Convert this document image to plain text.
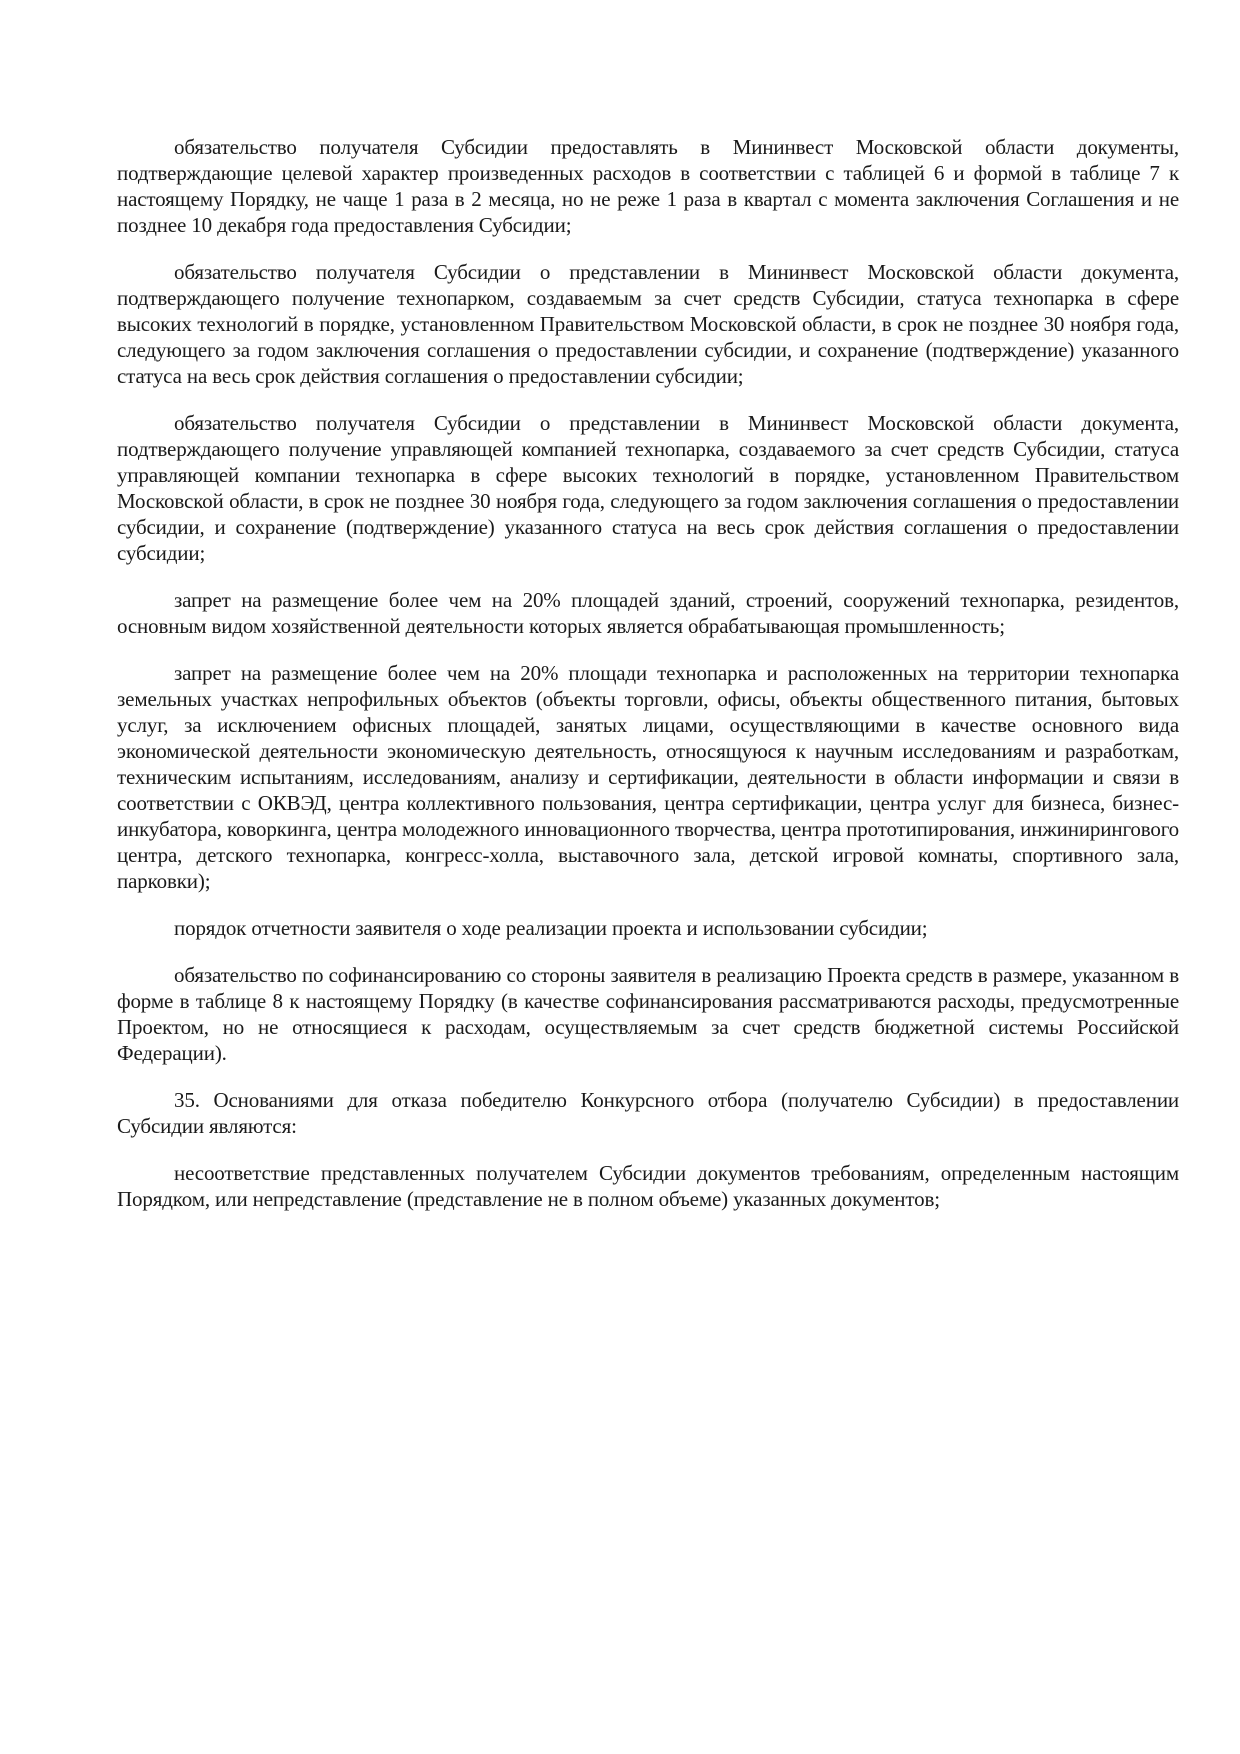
обязательство получателя Субсидии предоставлять в Мининвест Московской области документы, подтверждающие целевой характер произведенных расходов в соответствии с таблицей 6 и формой в таблице 7 к настоящему Порядку, не чаще 1 раза в 2 месяца, но не реже 1 раза в квартал с момента заключения Соглашения и не позднее 10 декабря года предоставления Субсидии;

обязательство получателя Субсидии о представлении в Мининвест Московской области документа, подтверждающего получение технопарком, создаваемым за счет средств Субсидии, статуса технопарка в сфере высоких технологий в порядке, установленном Правительством Московской области, в срок не позднее 30 ноября года, следующего за годом заключения соглашения о предоставлении субсидии, и сохранение (подтверждение) указанного статуса на весь срок действия соглашения о предоставлении субсидии;

обязательство получателя Субсидии о представлении в Мининвест Московской области документа, подтверждающего получение управляющей компанией технопарка, создаваемого за счет средств Субсидии, статуса управляющей компании технопарка в сфере высоких технологий в порядке, установленном Правительством Московской области, в срок не позднее 30 ноября года, следующего за годом заключения соглашения о предоставлении субсидии, и сохранение (подтверждение) указанного статуса на весь срок действия соглашения о предоставлении субсидии;

запрет на размещение более чем на 20% площадей зданий, строений, сооружений технопарка, резидентов, основным видом хозяйственной деятельности которых является обрабатывающая промышленность;

запрет на размещение более чем на 20% площади технопарка и расположенных на территории технопарка земельных участках непрофильных объектов (объекты торговли, офисы, объекты общественного питания, бытовых услуг, за исключением офисных площадей, занятых лицами, осуществляющими в качестве основного вида экономической деятельности экономическую деятельность, относящуюся к научным исследованиям и разработкам, техническим испытаниям, исследованиям, анализу и сертификации, деятельности в области информации и связи в соответствии с ОКВЭД, центра коллективного пользования, центра сертификации, центра услуг для бизнеса, бизнес-инкубатора, коворкинга, центра молодежного инновационного творчества, центра прототипирования, инжинирингового центра, детского технопарка, конгресс-холла, выставочного зала, детской игровой комнаты, спортивного зала, парковки);

порядок отчетности заявителя о ходе реализации проекта и использовании субсидии;

обязательство по софинансированию со стороны заявителя в реализацию Проекта средств в размере, указанном в форме в таблице 8 к настоящему Порядку (в качестве софинансирования рассматриваются расходы, предусмотренные Проектом, но не относящиеся к расходам, осуществляемым за счет средств бюджетной системы Российской Федерации).

35. Основаниями для отказа победителю Конкурсного отбора (получателю Субсидии) в предоставлении Субсидии являются:

несоответствие представленных получателем Субсидии документов требованиям, определенным настоящим Порядком, или непредставление (представление не в полном объеме) указанных документов;
